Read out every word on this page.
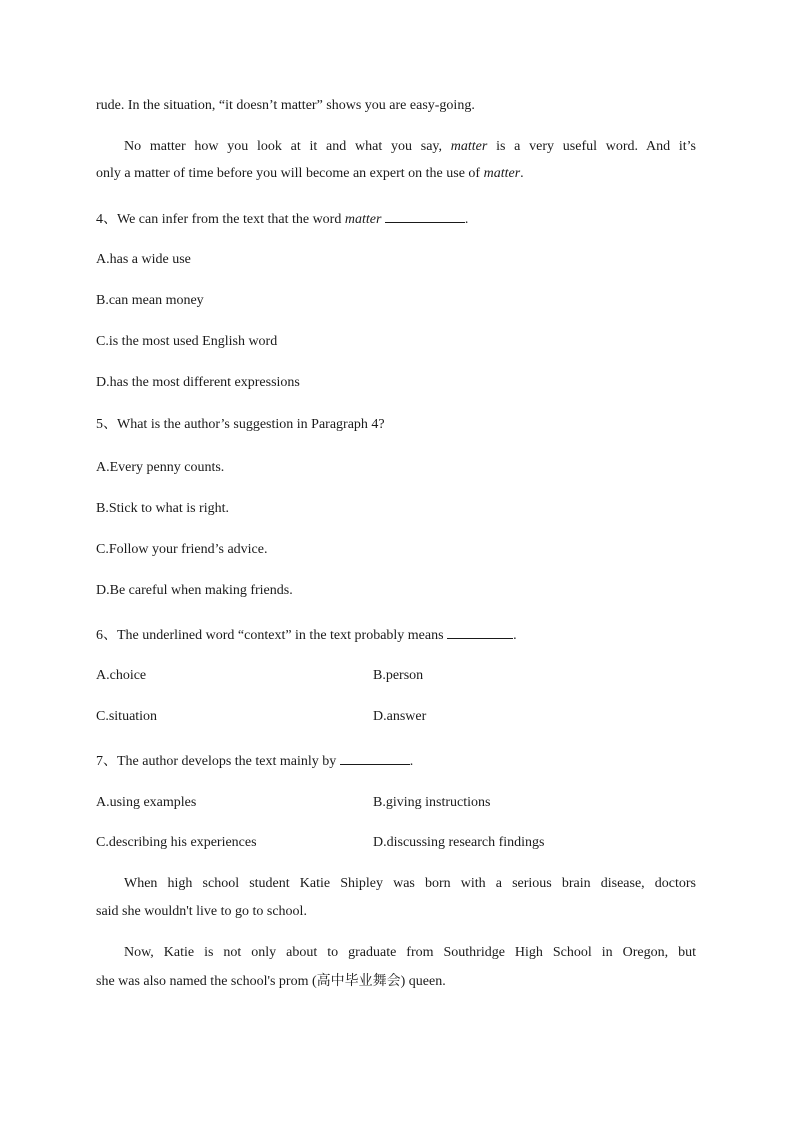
rude. In the situation, “it doesn’t matter” shows you are easy-going.
No matter how you look at it and what you say, matter is a very useful word. And it’s
only a matter of time before you will become an expert on the use of matter.
4、We can infer from the text that the word matter	.
A.has a wide use
B.can mean money
C.is the most used English word
D.has the most different expressions
5、What is the author’s suggestion in Paragraph 4?
A.Every penny counts.
B.Stick to what is right.
C.Follow your friend’s advice.
D.Be careful when making friends.
6、The underlined word “context” in the text probably means	.
A.choice	B.person
C.situation	D.answer
7、The author develops the text mainly by	.
A.using examples	B.giving instructions
C.describing his experiences	D.discussing research findings
When high school student Katie Shipley was born with a serious brain disease, doctors
said she wouldn't live to go to school.
Now, Katie is not only about to graduate from Southridge High School in Oregon, but
she was also named the school's prom (高中毕业舞会) queen.
